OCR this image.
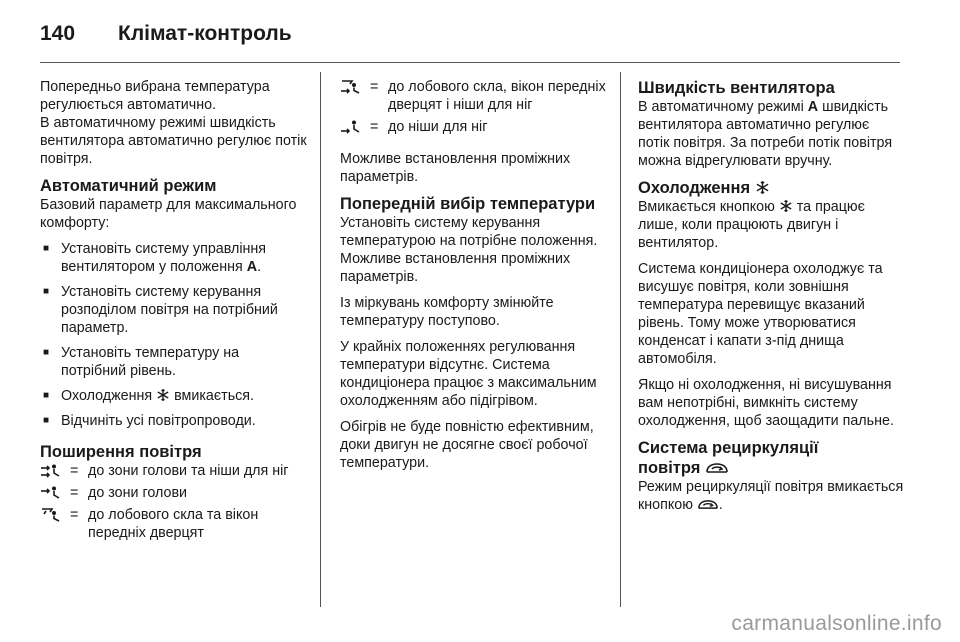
140	Клімат-контроль

Попередньо вибрана температура регулюється автоматично.

В автоматичному режимі швидкість вентилятора автоматично регулює потік повітря.

Автоматичний режим

Базовий параметр для максимального комфорту:

■ Установіть систему управління вентилятором у положення A.
■ Установіть систему керування розподілом повітря на потрібний параметр.
■ Установіть температуру на потрібний рівень.
■ Охолодження вмикається.
■ Відчиніть усі повітропроводи.
Поширення повітря
= до зони голови та ніши для ніг
= до зони голови
= до лобового скла та вікон передніх дверцят
= до лобового скла, вікон передніх дверцят і ніши для ніг
= до ніши для ніг

Можливе встановлення проміжних параметрів.

Попередній вибір температури

Установіть систему керування температурою на потрібне положення. Можливе встановлення проміжних параметрів.

Із міркувань комфорту змінюйте температуру поступово.

У крайніх положеннях регулювання температури відсутнє. Система кондиціонера працює з максимальним охолодженням або підігрівом.

Обігрів не буде повністю ефективним, доки двигун не досягне своєї робочої температури.

Швидкість вентилятора

В автоматичному режимі A швидкість вентилятора автоматично регулює потік повітря. За потреби потік повітря можна відрегулювати вручну.

Охолодження

Вмикається кнопкою та працює лише, коли працюють двигун і вентилятор.

Система кондиціонера охолоджує та висушує повітря, коли зовнішня температура перевищує вказаний рівень. Тому може утворюватися конденсат і капати з-під днища автомобіля.

Якщо ні охолодження, ні висушування вам непотрібні, вимкніть систему охолодження, щоб заощадити пальне.

Система рециркуляції
повітря

Режим рециркуляції повітря вмикається кнопкою .

carmanualsonline.info
